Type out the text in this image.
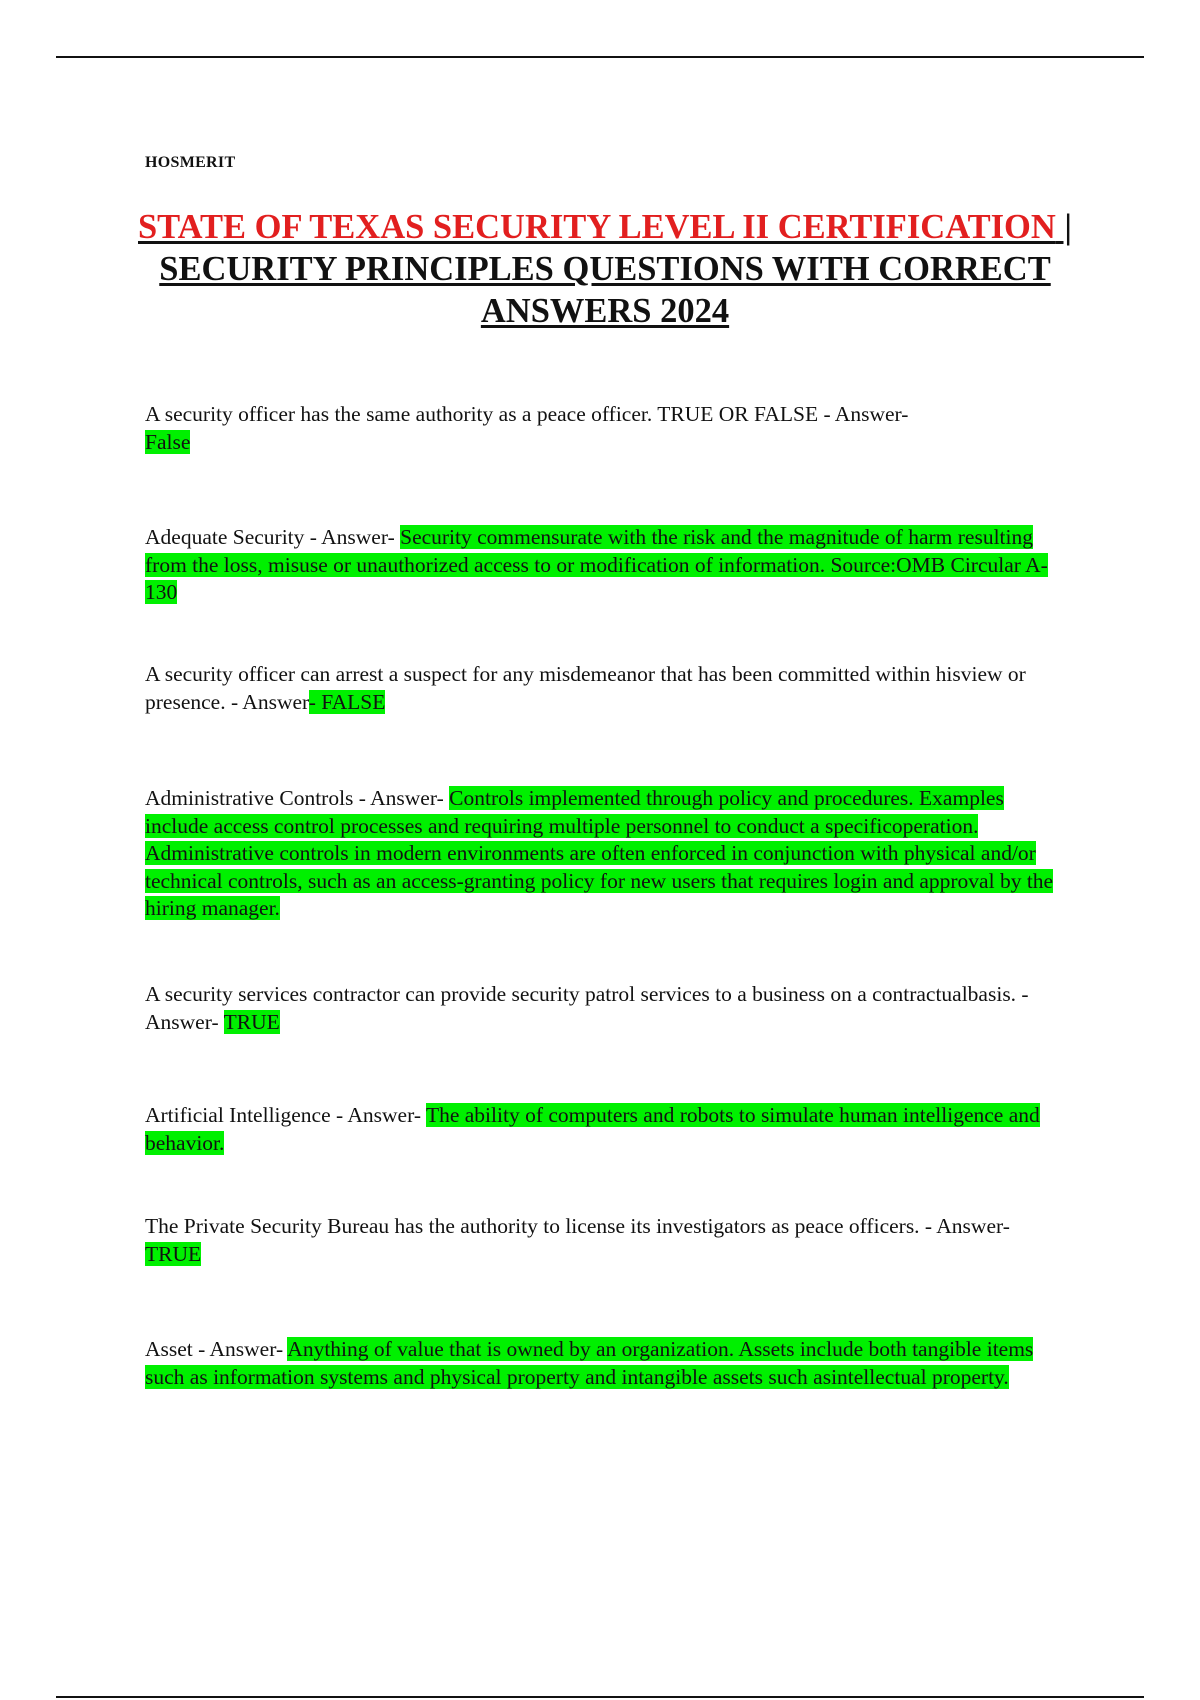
HOSMERIT
STATE OF TEXAS SECURITY LEVEL II CERTIFICATION | SECURITY PRINCIPLES QUESTIONS WITH CORRECT ANSWERS 2024

A security officer has the same authority as a peace officer. TRUE OR FALSE - Answer-
False

Adequate Security - Answer- Security commensurate with the risk and the magnitude of harm resulting from the loss, misuse or unauthorized access to or modification of information. Source:OMB Circular A-130

A security officer can arrest a suspect for any misdemeanor that has been committed within hisview or presence. - Answer- FALSE

Administrative Controls - Answer- Controls implemented through policy and procedures. Examples include access control processes and requiring multiple personnel to conduct a specificoperation. Administrative controls in modern environments are often enforced in conjunction with physical and/or technical controls, such as an access-granting policy for new users that requires login and approval by the hiring manager.

A security services contractor can provide security patrol services to a business on a contractualbasis. - Answer- TRUE

Artificial Intelligence - Answer- The ability of computers and robots to simulate human intelligence and behavior.

The Private Security Bureau has the authority to license its investigators as peace officers. - Answer- TRUE

Asset - Answer- Anything of value that is owned by an organization. Assets include both tangible items such as information systems and physical property and intangible assets such asintellectual property.
